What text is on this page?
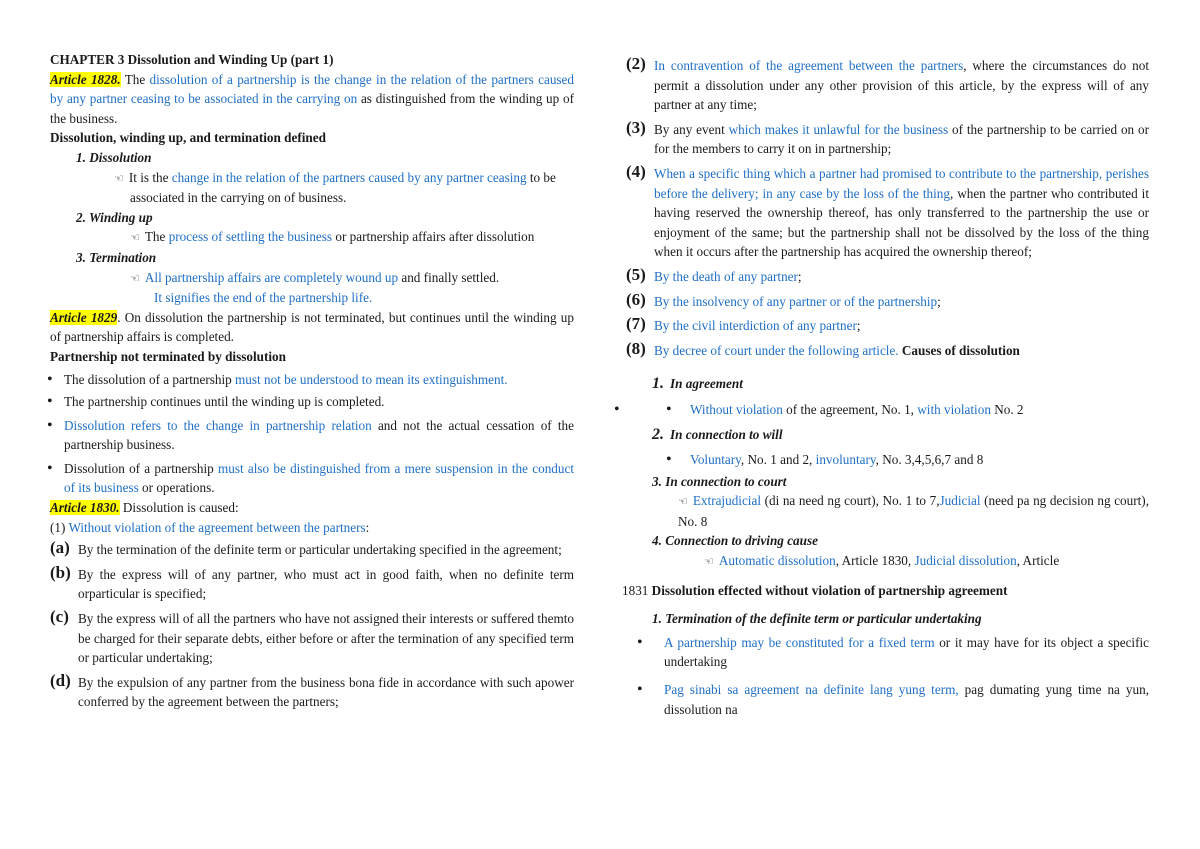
CHAPTER 3 Dissolution and Winding Up (part 1)

Article 1828. The dissolution of a partnership is the change in the relation of the partners caused by any partner ceasing to be associated in the carrying on as distinguished from the winding up of the business.

Dissolution, winding up, and termination defined

1. Dissolution

☜ It is the change in the relation of the partners caused by any partner ceasing to be associated in the carrying on of business.

2. Winding up

☜ The process of settling the business or partnership affairs after dissolution

3. Termination

☜ All partnership affairs are completely wound up and finally settled.

It signifies the end of the partnership life.

Article 1829. On dissolution the partnership is not terminated, but continues until the winding up of partnership affairs is completed.

Partnership not terminated by dissolution

• The dissolution of a partnership must not be understood to mean its extinguishment.

• The partnership continues until the winding up is completed.

• Dissolution refers to the change in partnership relation and not the actual cessation of the partnership business.

• Dissolution of a partnership must also be distinguished from a mere suspension in the conduct of its business or operations.

Article 1830. Dissolution is caused:

(1) Without violation of the agreement between the partners:

(a) By the termination of the definite term or particular undertaking specified in the agreement;

(b) By the express will of any partner, who must act in good faith, when no definite term orparticular is specified;

(c) By the express will of all the partners who have not assigned their interests or suffered themto be charged for their separate debts, either before or after the termination of any specified term or particular undertaking;

(d) By the expulsion of any partner from the business bona fide in accordance with such apower conferred by the agreement between the partners;

(2) In contravention of the agreement between the partners, where the circumstances do not permit a dissolution under any other provision of this article, by the express will of any partner at any time;

(3) By any event which makes it unlawful for the business of the partnership to be carried on or for the members to carry it on in partnership;

(4) When a specific thing which a partner had promised to contribute to the partnership, perishes before the delivery; in any case by the loss of the thing, when the partner who contributed it having reserved the ownership thereof, has only transferred to the partnership the use or enjoyment of the same; but the partnership shall not be dissolved by the loss of the thing when it occurs after the partnership has acquired the ownership thereof;

(5) By the death of any partner;

(6) By the insolvency of any partner or of the partnership;

(7) By the civil interdiction of any partner;

(8) By decree of court under the following article. Causes of dissolution

1. In agreement

• • Without violation of the agreement, No. 1, with violation No. 2

2. In connection to will

• Voluntary, No. 1 and 2, involuntary, No. 3,4,5,6,7 and 8

3. In connection to court

☜ Extrajudicial (di na need ng court), No. 1 to 7,Judicial (need pa ng decision ng court), No. 8

4. Connection to driving cause

☜ Automatic dissolution, Article 1830, Judicial dissolution, Article

1831 Dissolution effected without violation of partnership agreement

1. Termination of the definite term or particular undertaking

• A partnership may be constituted for a fixed term or it may have for its object a specific undertaking

• Pag sinabi sa agreement na definite lang yung term, pag dumating yung time na yun, dissolution na
